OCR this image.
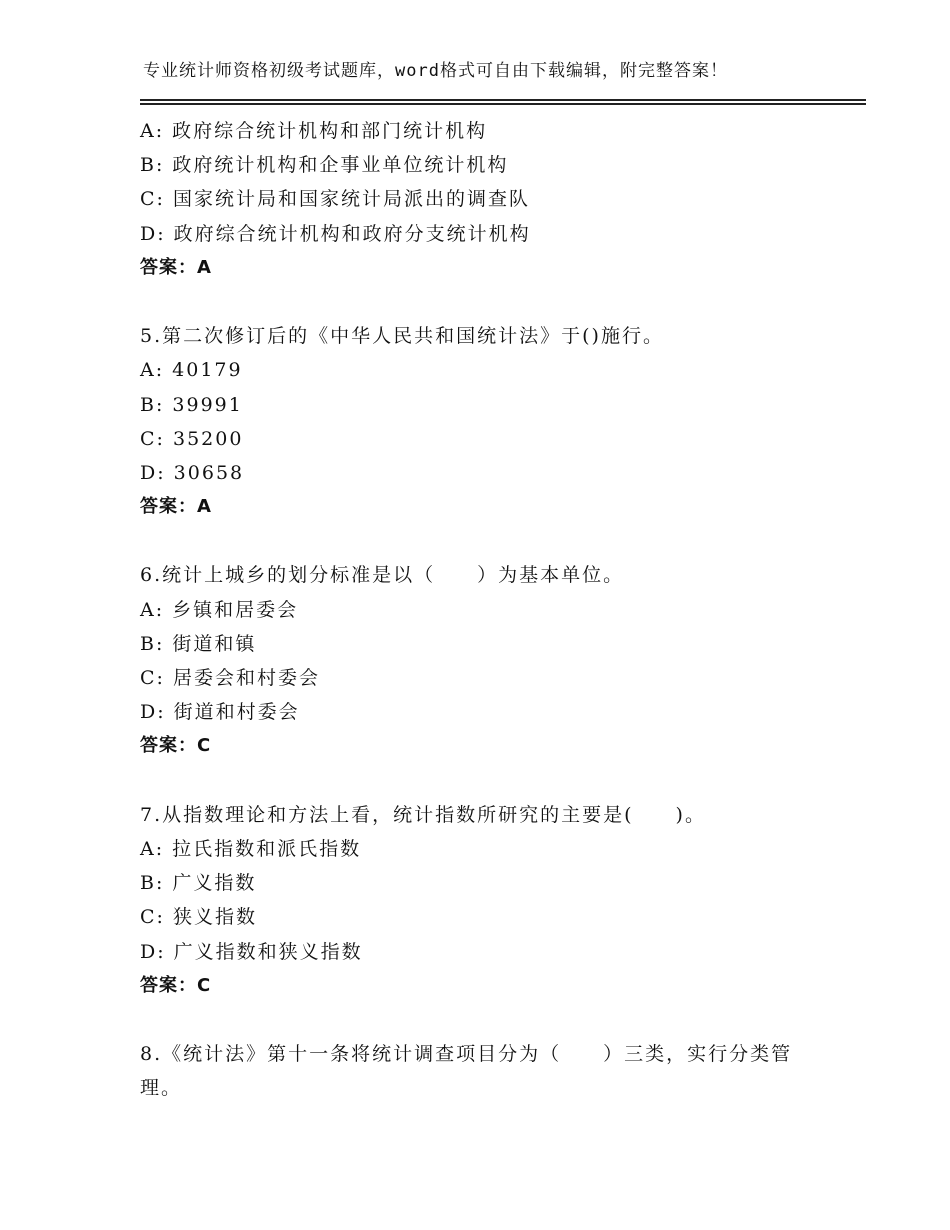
专业统计师资格初级考试题库，word格式可自由下载编辑，附完整答案！
A: 政府综合统计机构和部门统计机构
B: 政府统计机构和企事业单位统计机构
C: 国家统计局和国家统计局派出的调查队
D: 政府综合统计机构和政府分支统计机构
答案：A
5.第二次修订后的《中华人民共和国统计法》于()施行。
A: 40179
B: 39991
C: 35200
D: 30658
答案：A
6.统计上城乡的划分标准是以（　　）为基本单位。
A: 乡镇和居委会
B: 街道和镇
C: 居委会和村委会
D: 街道和村委会
答案：C
7.从指数理论和方法上看，统计指数所研究的主要是(　　)。
A: 拉氏指数和派氏指数
B: 广义指数
C: 狭义指数
D: 广义指数和狭义指数
答案：C
8.《统计法》第十一条将统计调查项目分为（　　）三类，实行分类管理。
